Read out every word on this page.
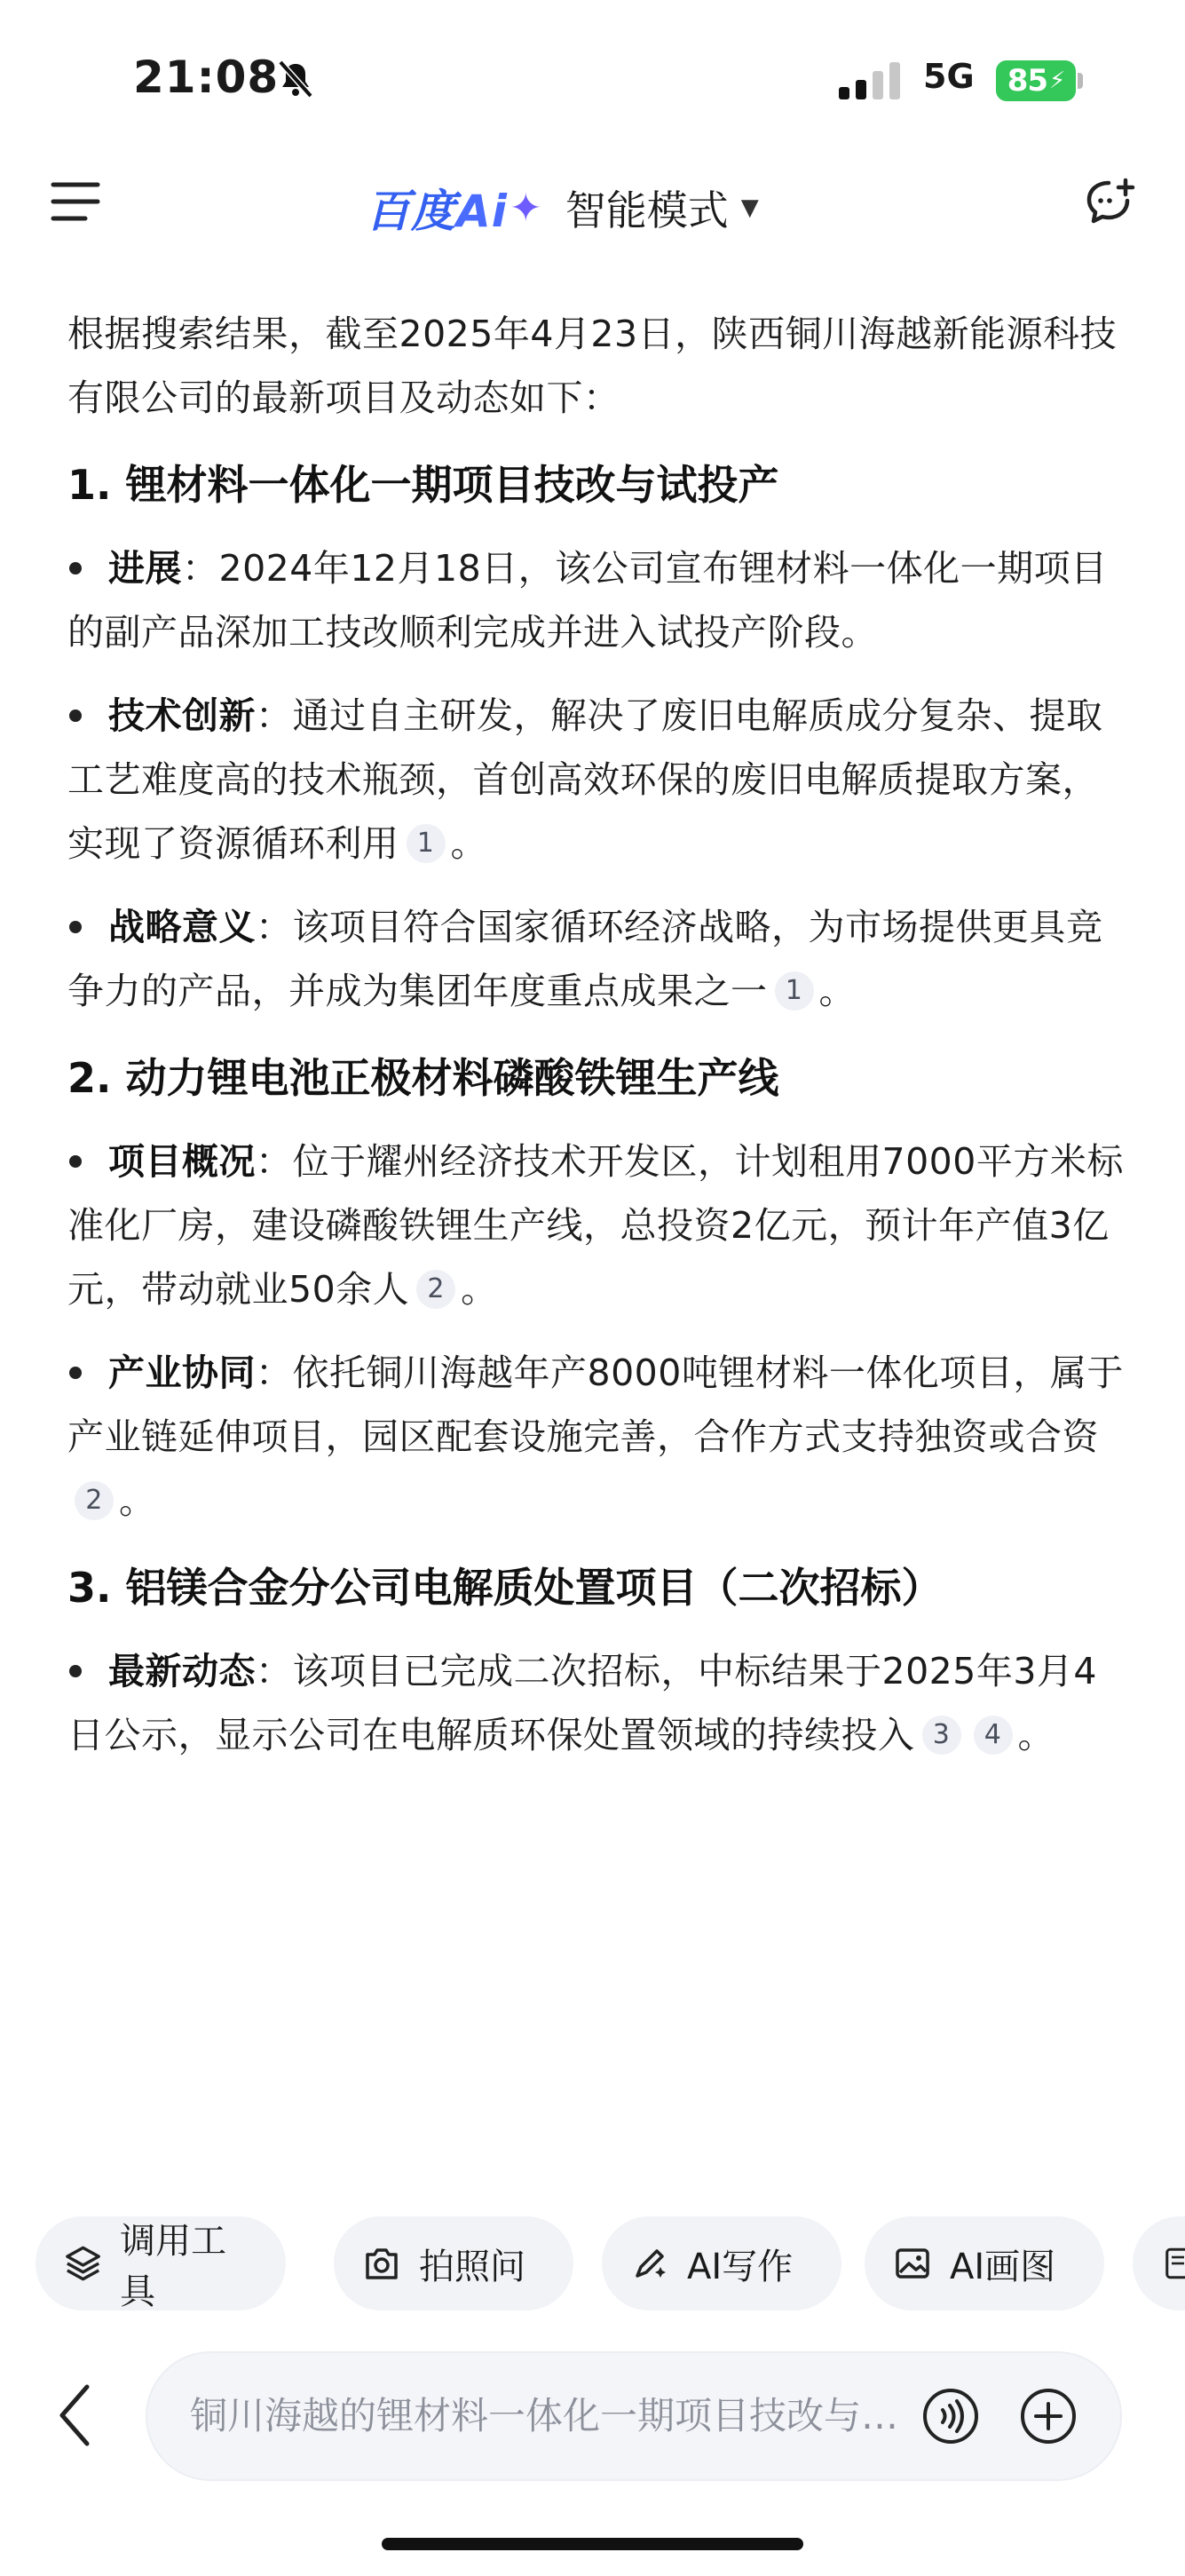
21:08	5G 85 ⚡
百度Ai ✦ 智能模式 ▼
根据搜索结果，截至2025年4月23日，陕西铜川海越新能源科技有限公司的最新项目及动态如下：
1. 锂材料一体化一期项目技改与试投产
进展：2024年12月18日，该公司宣布锂材料一体化一期项目的副产品深加工技改顺利完成并进入试投产阶段。
技术创新：通过自主研发，解决了废旧电解质成分复杂、提取工艺难度高的技术瓶颈，首创高效环保的废旧电解质提取方案，实现了资源循环利用 1 。
战略意义：该项目符合国家循环经济战略，为市场提供更具竞争力的产品，并成为集团年度重点成果之一 1 。
2. 动力锂电池正极材料磷酸铁锂生产线
项目概况：位于耀州经济技术开发区，计划租用7000平方米标准化厂房，建设磷酸铁锂生产线，总投资2亿元，预计年产值3亿元，带动就业50余人 2 。
产业协同：依托铜川海越年产8000吨锂材料一体化项目，属于产业链延伸项目，园区配套设施完善，合作方式支持独资或合资2 。
3. 铝镁合金分公司电解质处置项目（二次招标）
最新动态：该项目已完成二次招标，中标结果于2025年3月4日公示，显示公司在电解质环保处置领域的持续投入 3 4 。
调用工具
拍照问	AI写作	AI画图
铜川海越的锂材料一体化一期项目技改与试投产的具体进展
